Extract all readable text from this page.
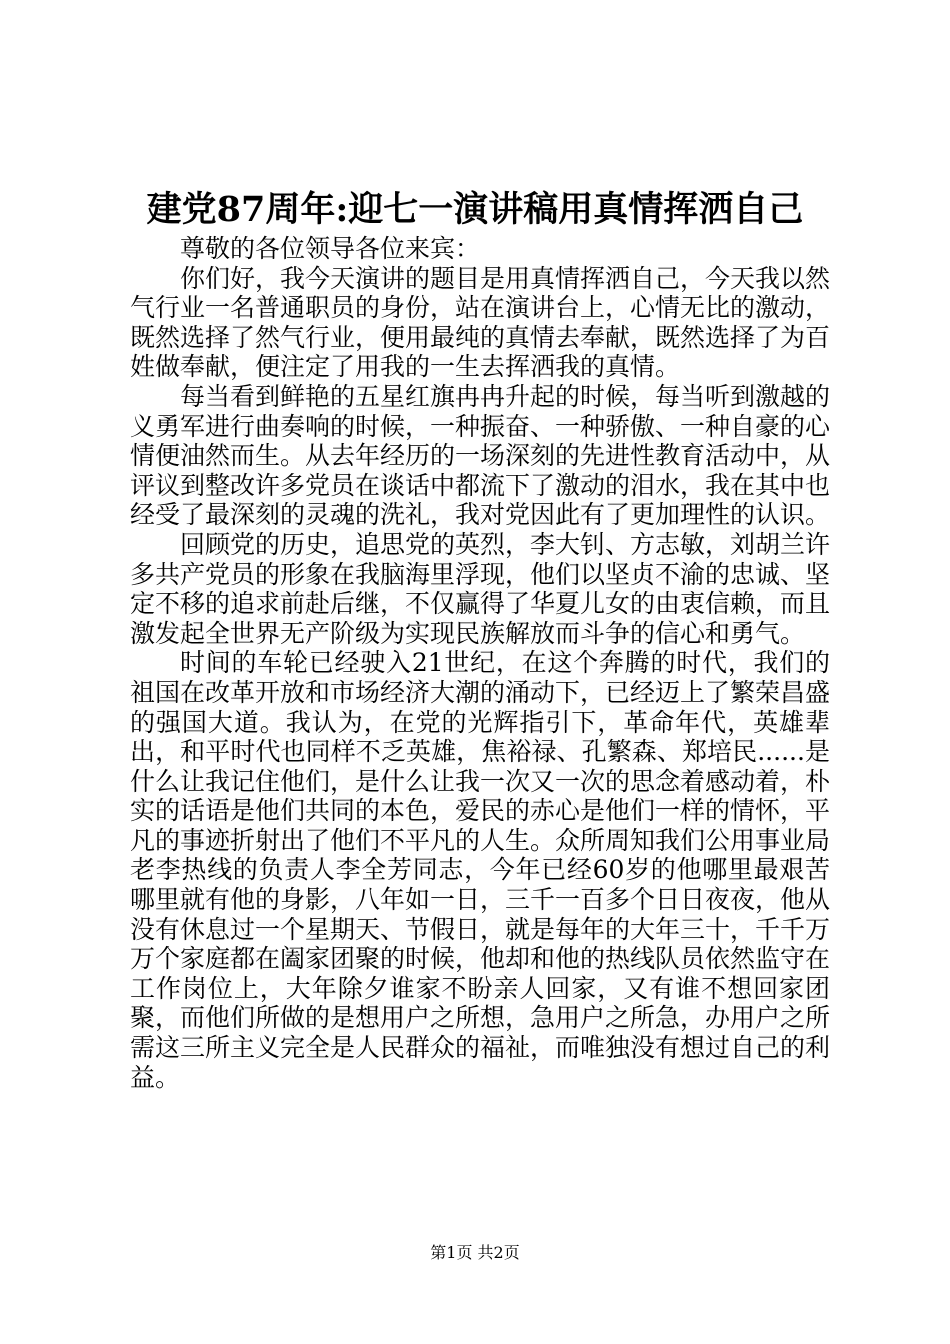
建党87周年:迎七一演讲稿用真情挥洒自己

尊敬的各位领导各位来宾：

你们好，我今天演讲的题目是用真情挥洒自己，今天我以然气行业一名普通职员的身份，站在演讲台上，心情无比的激动，既然选择了然气行业，便用最纯的真情去奉献，既然选择了为百姓做奉献，便注定了用我的一生去挥洒我的真情。

每当看到鲜艳的五星红旗冉冉升起的时候，每当听到激越的义勇军进行曲奏响的时候，一种振奋、一种骄傲、一种自豪的心情便油然而生。从去年经历的一场深刻的先进性教育活动中，从评议到整改许多党员在谈话中都流下了激动的泪水，我在其中也经受了最深刻的灵魂的洗礼，我对党因此有了更加理性的认识。

回顾党的历史，追思党的英烈，李大钊、方志敏，刘胡兰许多共产党员的形象在我脑海里浮现，他们以坚贞不渝的忠诚、坚定不移的追求前赴后继，不仅赢得了华夏儿女的由衷信赖，而且激发起全世界无产阶级为实现民族解放而斗争的信心和勇气。

时间的车轮已经驶入21世纪，在这个奔腾的时代，我们的祖国在改革开放和市场经济大潮的涌动下，已经迈上了繁荣昌盛的强国大道。我认为，在党的光辉指引下，革命年代，英雄辈出，和平时代也同样不乏英雄，焦裕禄、孔繁森、郑培民......是什么让我记住他们，是什么让我一次又一次的思念着感动着，朴实的话语是他们共同的本色，爱民的赤心是他们一样的情怀，平凡的事迹折射出了他们不平凡的人生。众所周知我们公用事业局老李热线的负责人李全芳同志，今年已经60岁的他哪里最艰苦哪里就有他的身影，八年如一日，三千一百多个日日夜夜，他从没有休息过一个星期天、节假日，就是每年的大年三十，千千万万个家庭都在阖家团聚的时候，他却和他的热线队员依然监守在工作岗位上，大年除夕谁家不盼亲人回家，又有谁不想回家团聚，而他们所做的是想用户之所想，急用户之所急，办用户之所需这三所主义完全是人民群众的福祉，而唯独没有想过自己的利益。

第1页 共2页
